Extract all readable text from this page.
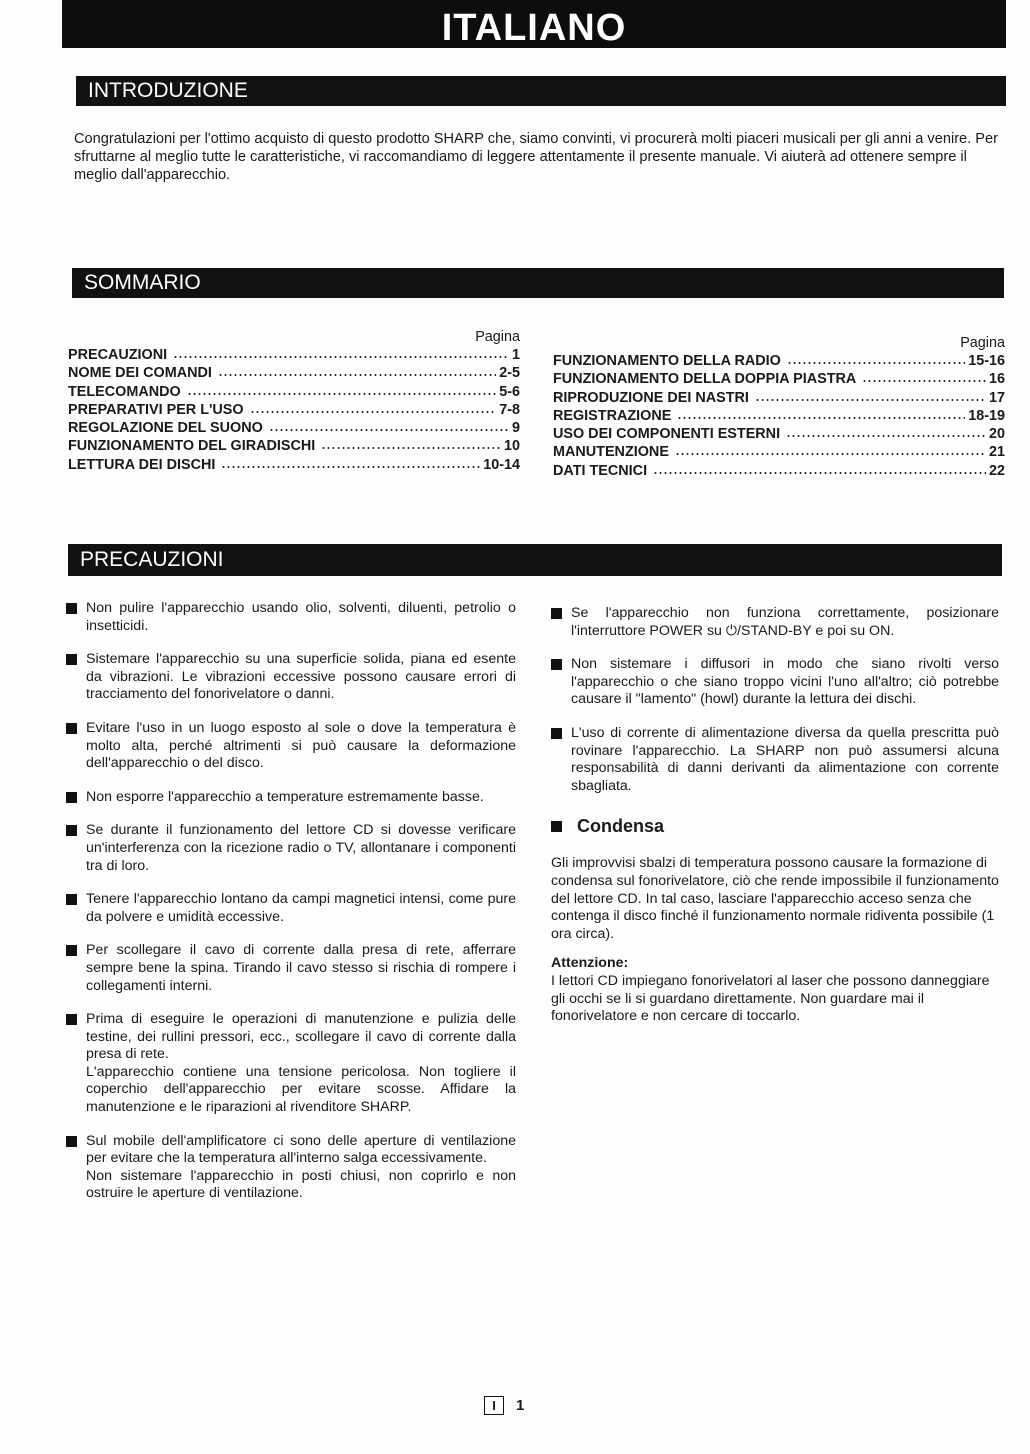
ITALIANO
INTRODUZIONE

Congratulazioni per l'ottimo acquisto di questo prodotto SHARP che, siamo convinti, vi procurerà molti piaceri musicali per gli anni a venire. Per sfruttarne al meglio tutte le caratteristiche, vi raccomandiamo di leggere attentamente il presente manuale. Vi aiuterà ad ottenere sempre il meglio dall'apparecchio.

SOMMARIO
Pagina
PRECAUZIONI	1
NOME DEI COMANDI	2-5
TELECOMANDO	5-6
PREPARATIVI PER L'USO	7-8
REGOLAZIONE DEL SUONO	9
FUNZIONAMENTO DEL GIRADISCHI	10
LETTURA DEI DISCHI	10-14
Pagina
FUNZIONAMENTO DELLA RADIO	15-16
FUNZIONAMENTO DELLA DOPPIA PIASTRA	16
RIPRODUZIONE DEI NASTRI	17
REGISTRAZIONE	18-19
USO DEI COMPONENTI ESTERNI	20
MANUTENZIONE	21
DATI TECNICI	22
PRECAUZIONI

Non pulire l'apparecchio usando olio, solventi, diluenti, petrolio o insetticidi.

Sistemare l'apparecchio su una superficie solida, piana ed esente da vibrazioni. Le vibrazioni eccessive possono causare errori di tracciamento del fonorivelatore o danni.

Evitare l'uso in un luogo esposto al sole o dove la temperatura è molto alta, perché altrimenti si può causare la deformazione dell'apparecchio o del disco.

Non esporre l'apparecchio a temperature estremamente basse.

Se durante il funzionamento del lettore CD si dovesse verificare un'interferenza con la ricezione radio o TV, allontanare i componenti tra di loro.

Tenere l'apparecchio lontano da campi magnetici intensi, come pure da polvere e umidità eccessive.

Per scollegare il cavo di corrente dalla presa di rete, afferrare sempre bene la spina. Tirando il cavo stesso si rischia di rompere i collegamenti interni.

Prima di eseguire le operazioni di manutenzione e pulizia delle testine, dei rullini pressori, ecc., scollegare il cavo di corrente dalla presa di rete.

L'apparecchio contiene una tensione pericolosa. Non togliere il coperchio dell'apparecchio per evitare scosse. Affidare la manutenzione e le riparazioni al rivenditore SHARP.

Sul mobile dell'amplificatore ci sono delle aperture di ventilazione per evitare che la temperatura all'interno salga eccessivamente.

Non sistemare l'apparecchio in posti chiusi, non coprirlo e non ostruire le aperture di ventilazione.

Se l'apparecchio non funziona correttamente, posizionare l'interruttore POWER su ⏻/STAND-BY e poi su ON.

Non sistemare i diffusori in modo che siano rivolti verso l'apparecchio o che siano troppo vicini l'uno all'altro; ciò potrebbe causare il "lamento" (howl) durante la lettura dei dischi.

L'uso di corrente di alimentazione diversa da quella prescritta può rovinare l'apparecchio. La SHARP non può assumersi alcuna responsabilità di danni derivanti da alimentazione con corrente sbagliata.

Condensa

Gli improvvisi sbalzi di temperatura possono causare la formazione di condensa sul fonorivelatore, ciò che rende impossibile il funzionamento del lettore CD. In tal caso, lasciare l'apparecchio acceso senza che contenga il disco finché il funzionamento normale ridiventa possibile (1 ora circa).

Attenzione:

I lettori CD impiegano fonorivelatori al laser che possono danneggiare gli occhi se li si guardano direttamente. Non guardare mai il fonorivelatore e non cercare di toccarlo.

I	1
